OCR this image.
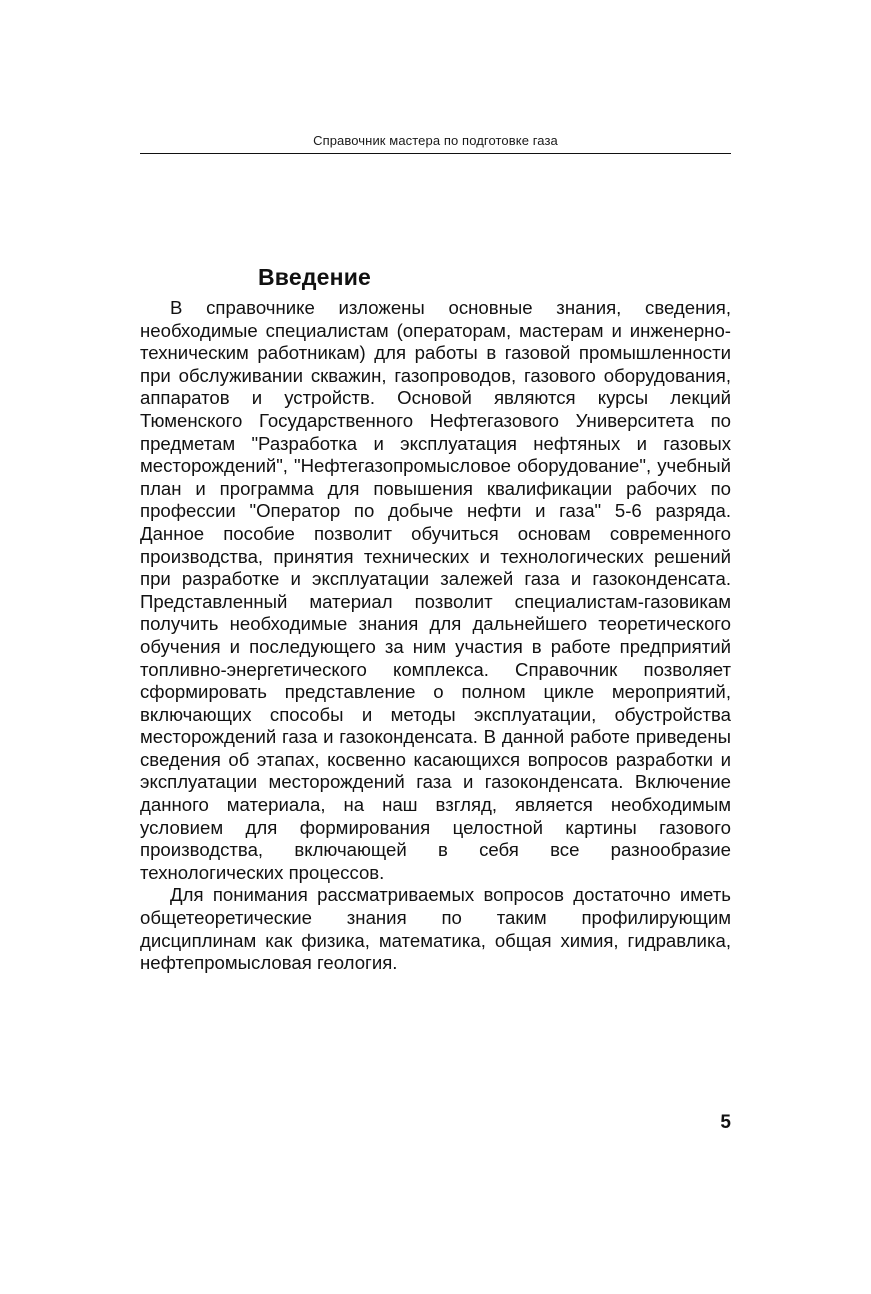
Справочник мастера по подготовке газа
Введение

В справочнике изложены основные знания, сведения, необходимые специалистам (операторам, мастерам и инженерно-техническим работникам) для работы в газовой промышленности при обслуживании скважин, газопроводов, газового оборудования, аппаратов и устройств. Основой являются курсы лекций Тюменского Государственного Нефтегазового Университета по предметам "Разработка и эксплуатация нефтяных и газовых месторождений", "Нефтегазопромысловое оборудование", учебный план и программа для повышения квалификации рабочих по профессии "Оператор по добыче нефти и газа" 5-6 разряда. Данное пособие позволит обучиться основам современного производства, принятия технических и технологических решений при разработке и эксплуатации залежей газа и газоконденсата. Представленный материал позволит специалистам-газовикам получить необходимые знания для дальнейшего теоретического обучения и последующего за ним участия в работе предприятий топливно-энергетического комплекса. Справочник позволяет сформировать представление о полном цикле мероприятий, включающих способы и методы эксплуатации, обустройства месторождений газа и газоконденсата. В данной работе приведены сведения об этапах, косвенно касающихся вопросов разработки и эксплуатации месторождений газа и газоконденсата. Включение данного материала, на наш взгляд, является необходимым условием для формирования целостной картины газового производства, включающей в себя все разнообразие технологических процессов.

Для понимания рассматриваемых вопросов достаточно иметь общетеоретические знания по таким профилирующим дисциплинам как физика, математика, общая химия, гидравлика, нефтепромысловая геология.

5
